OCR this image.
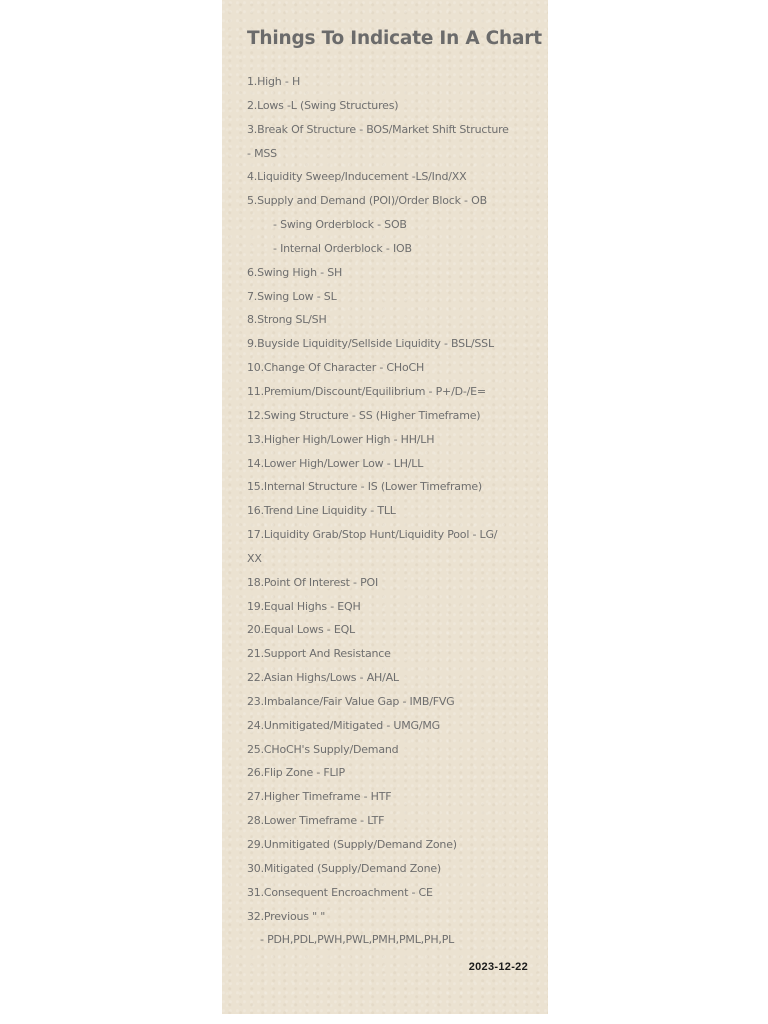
Things To Indicate In A Chart
1.High - H
2.Lows -L (Swing Structures)
3.Break Of Structure - BOS/Market Shift Structure
- MSS
4.Liquidity Sweep/Inducement -LS/Ind/XX
5.Supply and Demand (POI)/Order Block - OB
- Swing Orderblock - SOB
- Internal Orderblock - IOB
6.Swing High - SH
7.Swing Low - SL
8.Strong SL/SH
9.Buyside Liquidity/Sellside Liquidity - BSL/SSL
10.Change Of Character - CHoCH
11.Premium/Discount/Equilibrium - P+/D-/E=
12.Swing Structure - SS (Higher Timeframe)
13.Higher High/Lower High - HH/LH
14.Lower High/Lower Low - LH/LL
15.Internal Structure - IS (Lower Timeframe)
16.Trend Line Liquidity - TLL
17.Liquidity Grab/Stop Hunt/Liquidity Pool - LG/
XX
18.Point Of Interest - POI
19.Equal Highs - EQH
20.Equal Lows - EQL
21.Support And Resistance
22.Asian Highs/Lows - AH/AL
23.Imbalance/Fair Value Gap - IMB/FVG
24.Unmitigated/Mitigated - UMG/MG
25.CHoCH's Supply/Demand
26.Flip Zone - FLIP
27.Higher Timeframe - HTF
28.Lower Timeframe - LTF
29.Unmitigated (Supply/Demand Zone)
30.Mitigated (Supply/Demand Zone)
31.Consequent Encroachment - CE
32.Previous " "
- PDH,PDL,PWH,PWL,PMH,PML,PH,PL
2023-12-22
